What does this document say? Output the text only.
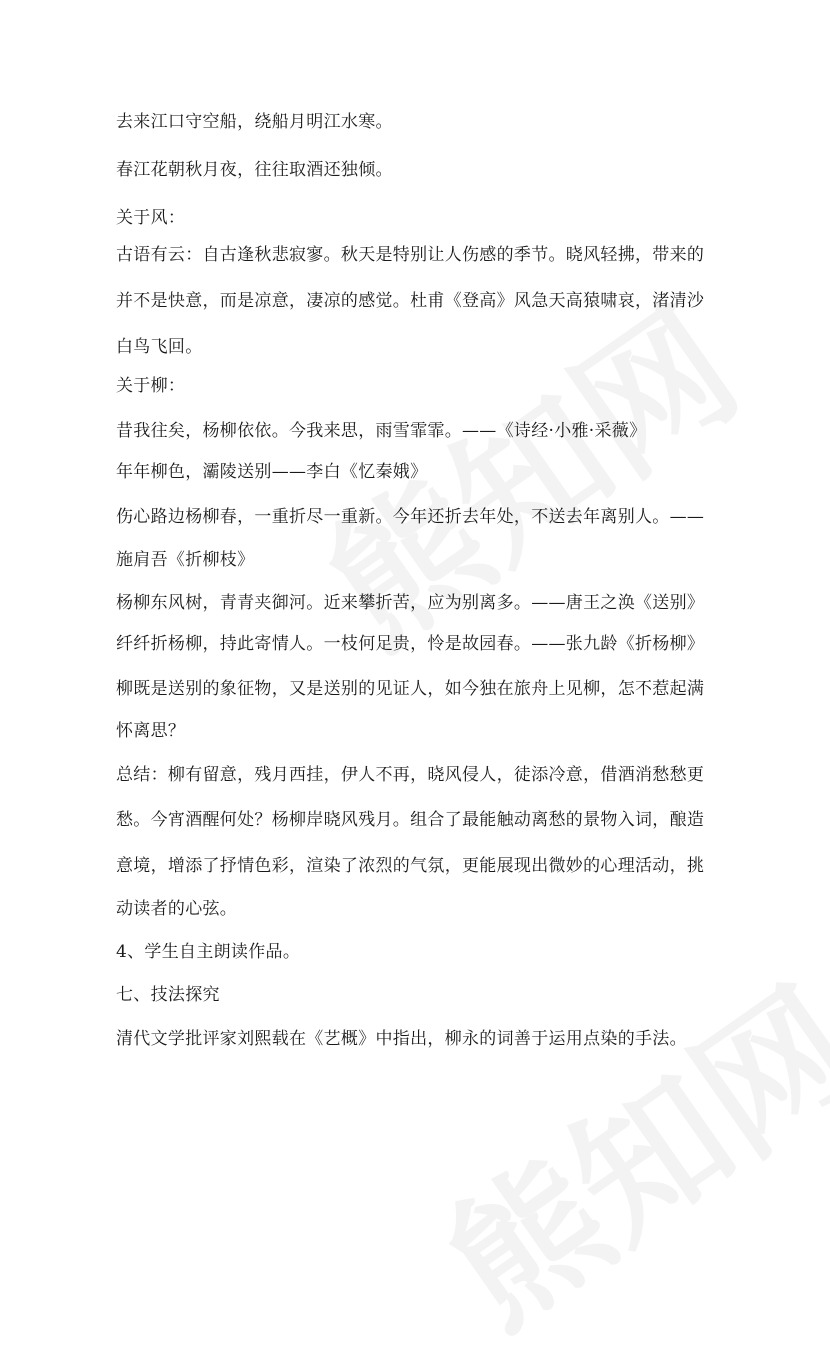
去来江口守空船，绕船月明江水寒。
春江花朝秋月夜，往往取酒还独倾。
关于风：
古语有云：自古逢秋悲寂寥。秋天是特别让人伤感的季节。晓风轻拂，带来的
并不是快意，而是凉意，凄凉的感觉。杜甫《登高》风急天高猿啸哀，渚清沙
白鸟飞回。
关于柳：
昔我往矣，杨柳依依。今我来思，雨雪霏霏。——《诗经·小雅·采薇》
年年柳色，灞陵送别——李白《忆秦娥》
伤心路边杨柳春，一重折尽一重新。今年还折去年处，不送去年离别人。——
施肩吾《折柳枝》
杨柳东风树，青青夹御河。近来攀折苦，应为别离多。——唐王之涣《送别》
纤纤折杨柳，持此寄情人。一枝何足贵，怜是故园春。——张九龄《折杨柳》
柳既是送别的象征物，又是送别的见证人，如今独在旅舟上见柳，怎不惹起满
怀离思？
总结：柳有留意，残月西挂，伊人不再，晓风侵人，徒添冷意，借酒消愁愁更
愁。今宵酒醒何处？杨柳岸晓风残月。组合了最能触动离愁的景物入词，酿造
意境，增添了抒情色彩，渲染了浓烈的气氛，更能展现出微妙的心理活动，挑
动读者的心弦。
4、学生自主朗读作品。
七、技法探究
清代文学批评家刘熙载在《艺概》中指出，柳永的词善于运用点染的手法。
